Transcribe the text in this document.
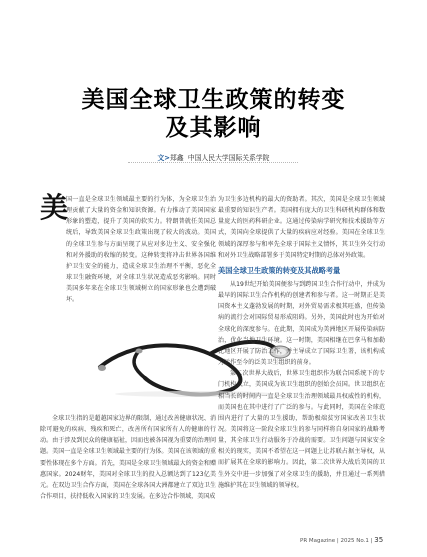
美国全球卫生政策的转变
及其影响
文>郑鑫 中国人民大学国际关系学院
美

国一直是全球卫生领域最主要的行为体，为全球卫生治理贡献了大量的资金和知识资源。有力推动了美国国家形象的塑造，提升了美国的软实力。特朗普就任美国总统后，导致美国全球卫生政策出现了较大的波动。美国的全球卫生参与方面呈现了从应对多边主义、安全强化和对外援助的收缩的转变。这种转变将冲击世界各国维护卫生安全的能力，造成全球卫生治理不平衡，恶化全球卫生融资环境，对全球卫生状况造成恶劣影响。同时美国多年来在全球卫生领域树立的国家形象也会遭到破坏。

全球卫生指的是超越国家边界的限制，通过改善健康状况、消除可避免的疾病、残疾和死亡，改善所有国家所有人的健康的行动。由于涉及到民众的健康福祉，因而也被各国视为重要的治理问题。美国一直是全球卫生领域最主要的行为体。美国在该领域的重要性体现在多个方面。首先，美国是全球卫生领域最大的资金和赠惠国家。2024财年，美国对全球卫生的投入总额达到了123亿美元。在双边卫生合作方面，美国在全球各国大洲都建立了双边卫生合作项目，扶持低收入国家的卫生发展。在多边合作领域，美国成

为卫生多边机构的最大的资助者。其次，美国是全球卫生领域最重要的知识生产者。美国拥有庞大的卫生科研机构群体和数量庞大的医药科研企业。这通过传染病学研究和技术援助等方式，美国向全球提供了大量的疾病应对经验。美国在全球卫生领域的深厚参与和率先全球于国际主义情怀，其卫生外交行动和对外卫生战略部署多于美国特定时期的总体对外政策。

美国全球卫生政策的转变及其战略考量

从19世纪开始美国便参与到跨国卫生合作行动中，并成为最早的国际卫生合作机构的创建者和参与者。这一时期正是美国资本主义蓬勃发展的时期，对外贸易需求极其旺盛，但传染病的流行会对国际贸易形成阻碍。另外，美国此时也为开始对全球化的深度参与。在此期，美国成为美洲地区开展传染病防治，优化当地卫生环境。这一时期，美国相继在巴拿马和加勒比地区开展了防治工作，并主导成立了国际卫生署，该机构成为运作至今的泛美卫生组织的前身。

第二次世界大战后，世界卫生组织作为联合国系统下的专门机构成立，美国成为该卫生组织的创始会员国。世卫组织在相当长的时间内一直是全球卫生治理领域最具权威性的机构，而美国也在其中进行了广泛的参与。与此同时，美国在全球范围内进行了大量的卫生援助，帮助极端贫穷国家改善卫生状况。美国将这一阶段全球卫生的参与同样将自身国家的战略考量，其全球卫生行动服务于冷战的需要。卫生问题与国家安全相关的现实，美国不希望在这一问题上让苏联占据主导权，从而扩展其在全球的影响力。因此，第二次世界大战后美国的卫生外交中进一步加强了对全球卫生的援助，并且通过一系列措施维护其在卫生领域的领导权。

PR Magazine | 2025 No.1 | 35
